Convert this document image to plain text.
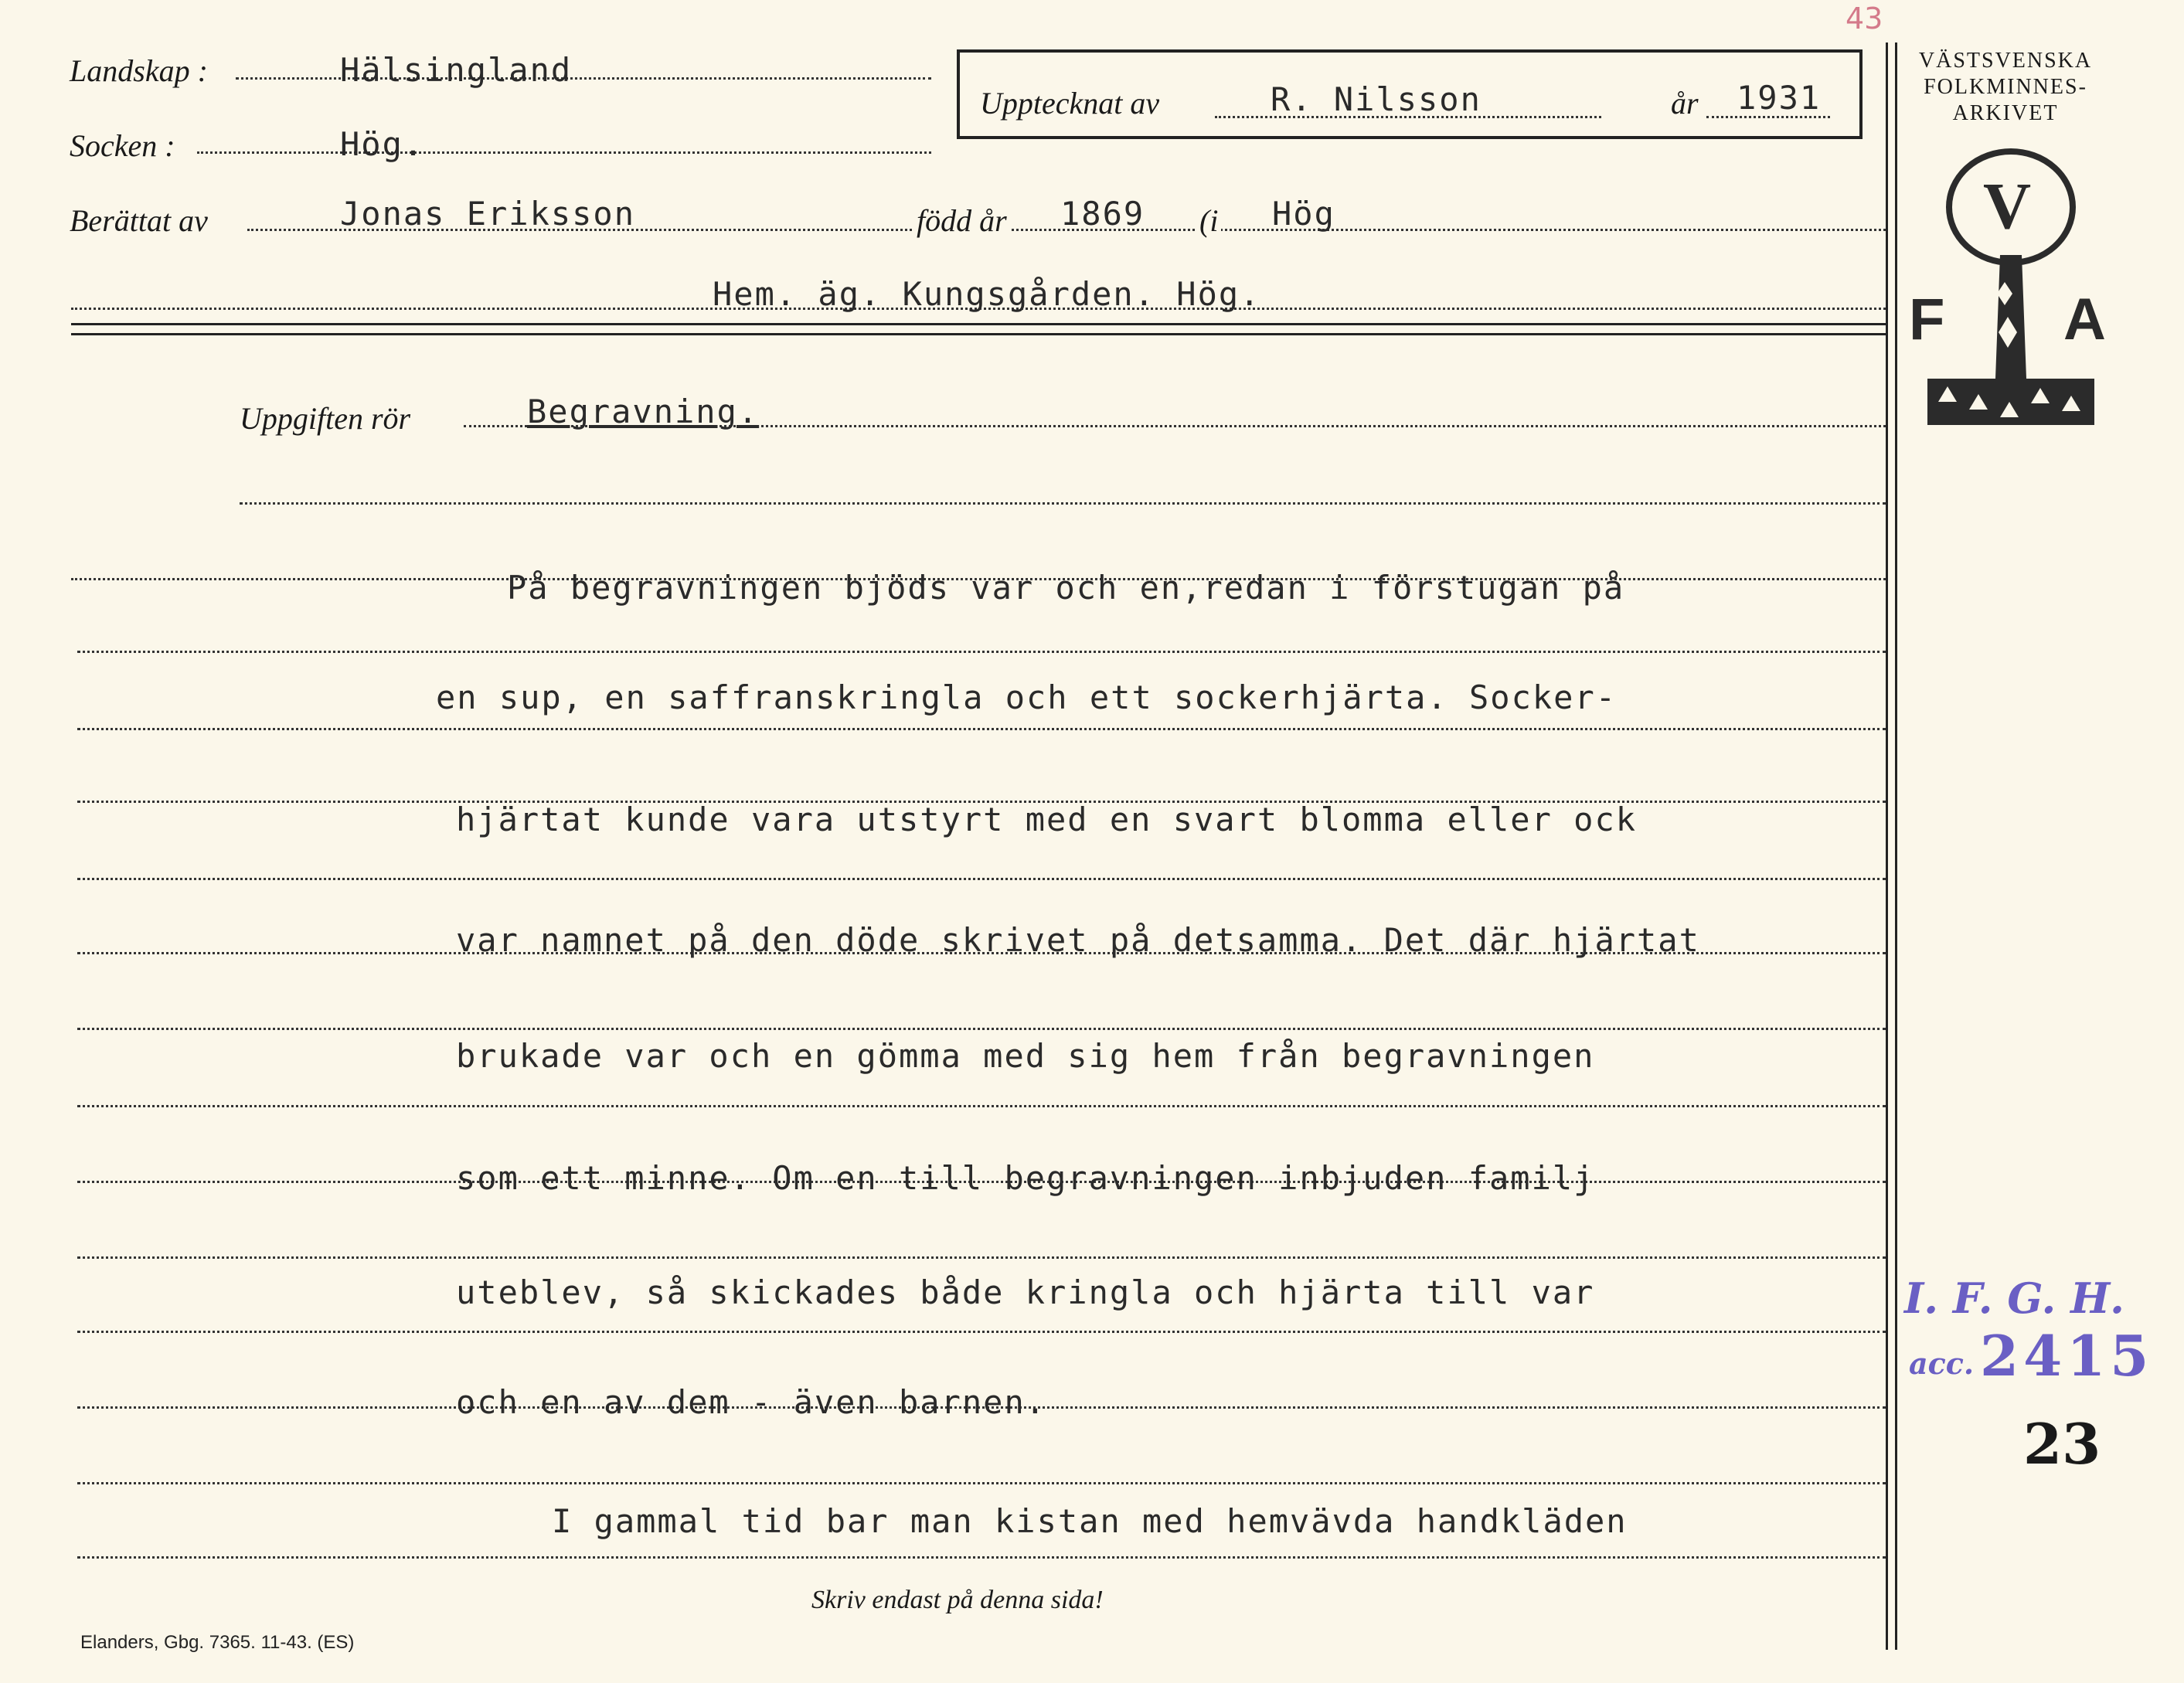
43
Landskap :	Hälsingland
Socken :	Hög.
Upptecknat av	R. Nilsson	år 1931
Berättat av	Jonas Eriksson	född år 1869 (i Hög
Hem. äg. Kungsgården. Hög.
Uppgiften rör	Begravning.
På begravningen bjöds var och en,redan i förstugan på
en sup, en saffranskringla och ett sockerhjärta. Socker-
hjärtat kunde vara utstyrt med en svart blomma eller ock
var namnet på den döde skrivet på detsamma. Det där hjärtat
brukade var och en gömma med sig hem från begravningen
som ett minne. Om en till begravningen inbjuden familj
uteblev, så skickades både kringla och hjärta till var
och en av dem - även barnen.
I gammal tid bar man kistan med hemvävda handkläden
Skriv endast på denna sida!
Elanders, Gbg. 7365. 11-43. (ES)
VÄSTSVENSKA
FOLKMINNES-
ARKIVET
V
F A
I. F. G. H.
acc. 2415
23
